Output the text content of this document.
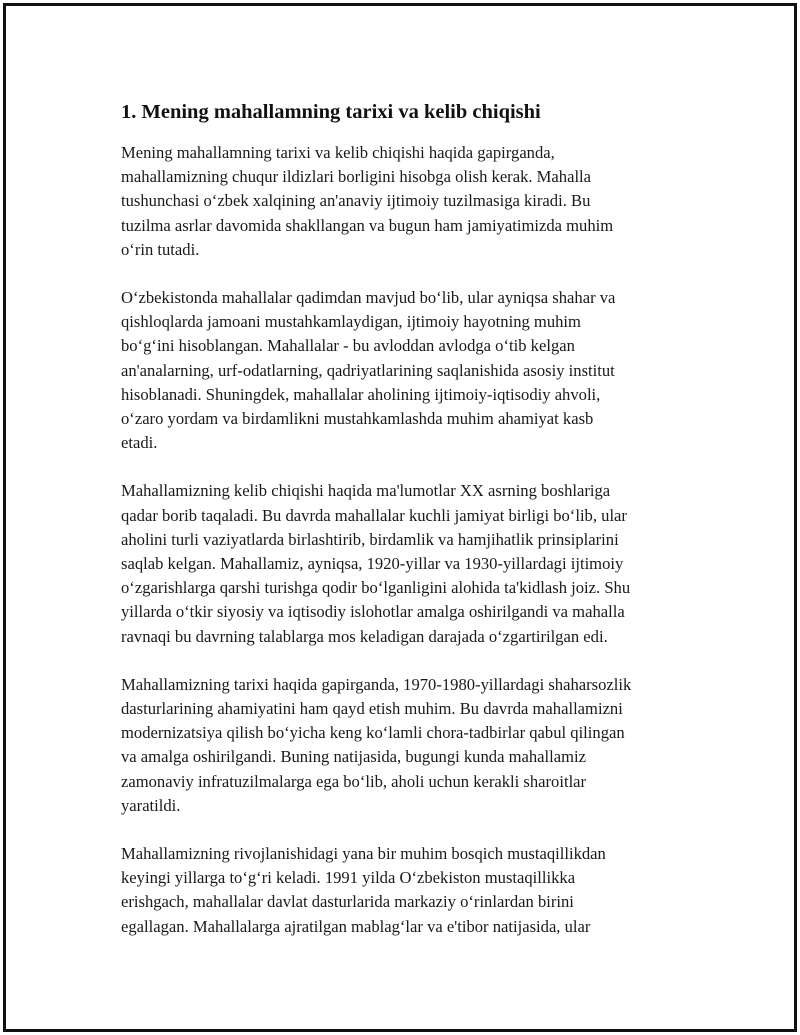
1. Mening mahallamning tarixi va kelib chiqishi

Mening mahallamning tarixi va kelib chiqishi haqida gapirganda,
mahallamizning chuqur ildizlari borligini hisobga olish kerak. Mahalla
tushunchasi o‘zbek xalqining an'anaviy ijtimoiy tuzilmasiga kiradi. Bu
tuzilma asrlar davomida shakllangan va bugun ham jamiyatimizda muhim
o‘rin tutadi.

O‘zbekistonda mahallalar qadimdan mavjud bo‘lib, ular ayniqsa shahar va
qishloqlarda jamoani mustahkamlaydigan, ijtimoiy hayotning muhim
bo‘g‘ini hisoblangan. Mahallalar - bu avloddan avlodga o‘tib kelgan
an'analarning, urf-odatlarning, qadriyatlarining saqlanishida asosiy institut
hisoblanadi. Shuningdek, mahallalar aholining ijtimoiy-iqtisodiy ahvoli,
o‘zaro yordam va birdamlikni mustahkamlashda muhim ahamiyat kasb
etadi.

Mahallamizning kelib chiqishi haqida ma'lumotlar XX asrning boshlariga
qadar borib taqaladi. Bu davrda mahallalar kuchli jamiyat birligi bo‘lib, ular
aholini turli vaziyatlarda birlashtirib, birdamlik va hamjihatlik prinsiplarini
saqlab kelgan. Mahallamiz, ayniqsa, 1920-yillar va 1930-yillardagi ijtimoiy
o‘zgarishlarga qarshi turishga qodir bo‘lganligini alohida ta'kidlash joiz. Shu
yillarda o‘tkir siyosiy va iqtisodiy islohotlar amalga oshirilgandi va mahalla
ravnaqi bu davrning talablarga mos keladigan darajada o‘zgartirilgan edi.

Mahallamizning tarixi haqida gapirganda, 1970-1980-yillardagi shaharsozlik
dasturlarining ahamiyatini ham qayd etish muhim. Bu davrda mahallamizni
modernizatsiya qilish bo‘yicha keng ko‘lamli chora-tadbirlar qabul qilingan
va amalga oshirilgandi. Buning natijasida, bugungi kunda mahallamiz
zamonaviy infratuzilmalarga ega bo‘lib, aholi uchun kerakli sharoitlar
yaratildi.

Mahallamizning rivojlanishidagi yana bir muhim bosqich mustaqillikdan
keyingi yillarga to‘g‘ri keladi. 1991 yilda O‘zbekiston mustaqillikka
erishgach, mahallalar davlat dasturlarida markaziy o‘rinlardan birini
egallagan. Mahallalarga ajratilgan mablag‘lar va e'tibor natijasida, ular
